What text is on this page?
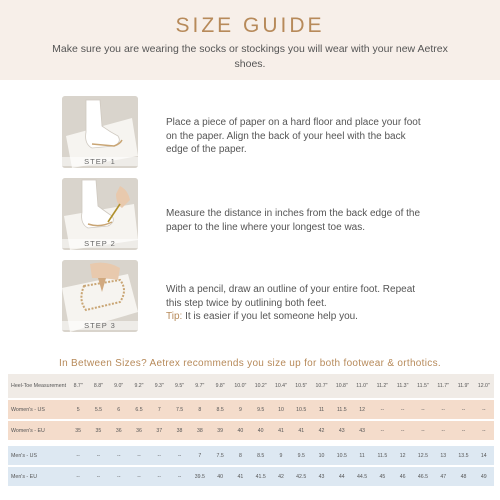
SIZE GUIDE
Make sure you are wearing the socks or stockings you will wear with your new Aetrex shoes.
STEP 1
Place a piece of paper on a hard floor and place your foot on the paper. Align the back of your heel with the back edge of the paper.
STEP 2
Measure the distance in inches from the back edge of the paper to the line where your longest toe was.
STEP 3
With a pencil, draw an outline of your entire foot. Repeat this step twice by outlining both feet.
Tip: It is easier if you let someone help you.
In Between Sizes? Aetrex recommends you size up for both footwear & orthotics.
Heel-Toe Measurement	8.7"	8.8"	9.0"	9.2"	9.3"	9.5"	9.7"	9.8"	10.0"	10.2"	10.4"	10.5"	10.7"	10.8"	11.0"	11.2"	11.3"	11.5"	11.7"	11.9"	12.0"

Women's - US	5	5.5	6	6.5	7	7.5	8	8.5	9	9.5	10	10.5	11	11.5	12	--	--	--	--	--	--

Women's - EU	35	35	36	36	37	38	38	39	40	40	41	41	42	43	43	--	--	--	--	--	--

Men's - US	--	--	--	--	--	--	7	7.5	8	8.5	9	9.5	10	10.5	11	11.5	12	12.5	13	13.5	14

Men's - EU	--	--	--	--	--	--	39.5	40	41	41.5	42	42.5	43	44	44.5	45	46	46.5	47	48	49
